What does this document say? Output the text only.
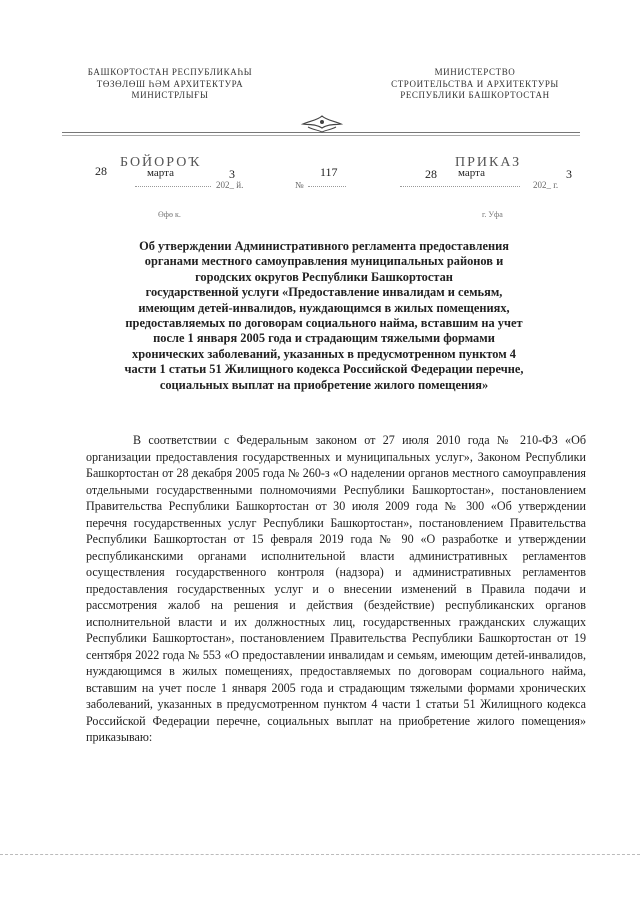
БАШКОРТОСТАН РЕСПУБЛИКАҺЫ
ТӨЗӨЛӨШ ҺӘМ АРХИТЕКТУРА
МИНИСТРЛЫҒЫ
МИНИСТЕРСТВО
СТРОИТЕЛЬСТВА И АРХИТЕКТУРЫ
РЕСПУБЛИКИ БАШКОРТОСТАН
БОЙОРОҠ	ПРИКАЗ
28	марта	3
202_ й.	№
117	28 марта	3
202_ г.
Өфө к.	г. Уфа
Об утверждении Административного регламента предоставления
органами местного самоуправления муниципальных районов и
городских округов Республики Башкортостан
государственной услуги «Предоставление инвалидам и семьям,
имеющим детей-инвалидов, нуждающимся в жилых помещениях,
предоставляемых по договорам социального найма, вставшим на учет
после 1 января 2005 года и страдающим тяжелыми формами
хронических заболеваний, указанных в предусмотренном пунктом 4
части 1 статьи 51 Жилищного кодекса Российской Федерации перечне,
социальных выплат на приобретение жилого помещения»

В соответствии с Федеральным законом от 27 июля 2010 года № 210-ФЗ «Об организации предоставления государственных и муниципальных услуг», Законом Республики Башкортостан от 28 декабря 2005 года № 260-з «О наделении органов местного самоуправления отдельными государственными полномочиями Республики Башкортостан», постановлением Правительства Республики Башкортостан от 30 июля 2009 года № 300 «Об утверждении перечня государственных услуг Республики Башкортостан», постановлением Правительства Республики Башкортостан от 15 февраля 2019 года № 90 «О разработке и утверждении республиканскими органами исполнительной власти административных регламентов осуществления государственного контроля (надзора) и административных регламентов предоставления государственных услуг и о внесении изменений в Правила подачи и рассмотрения жалоб на решения и действия (бездействие) республиканских органов исполнительной власти и их должностных лиц, государственных гражданских служащих Республики Башкортостан», постановлением Правительства Республики Башкортостан от 19 сентября 2022 года № 553 «О предоставлении инвалидам и семьям, имеющим детей-инвалидов, нуждающимся в жилых помещениях, предоставляемых по договорам социального найма, вставшим на учет после 1 января 2005 года и страдающим тяжелыми формами хронических заболеваний, указанных в предусмотренном пунктом 4 части 1 статьи 51 Жилищного кодекса Российской Федерации перечне, социальных выплат на приобретение жилого помещения» приказываю:
